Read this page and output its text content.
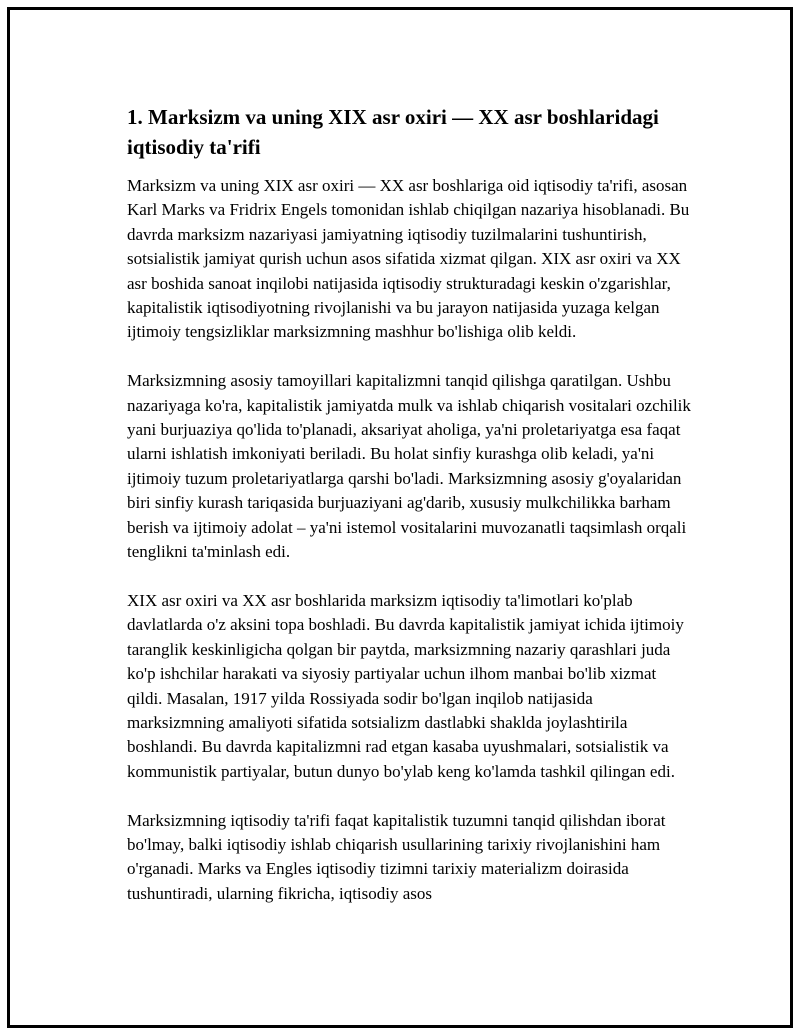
1. Marksizm va uning XIX asr oxiri — XX asr boshlaridagi iqtisodiy ta'rifi

Marksizm va uning XIX asr oxiri — XX asr boshlariga oid iqtisodiy ta'rifi, asosan Karl Marks va Fridrix Engels tomonidan ishlab chiqilgan nazariya hisoblanadi. Bu davrda marksizm nazariyasi jamiyatning iqtisodiy tuzilmalarini tushuntirish, sotsialistik jamiyat qurish uchun asos sifatida xizmat qilgan. XIX asr oxiri va XX asr boshida sanoat inqilobi natijasida iqtisodiy strukturadagi keskin o'zgarishlar, kapitalistik iqtisodiyotning rivojlanishi va bu jarayon natijasida yuzaga kelgan ijtimoiy tengsizliklar marksizmning mashhur bo'lishiga olib keldi.

Marksizmning asosiy tamoyillari kapitalizmni tanqid qilishga qaratilgan. Ushbu nazariyaga ko'ra, kapitalistik jamiyatda mulk va ishlab chiqarish vositalari ozchilik yani burjuaziya qo'lida to'planadi, aksariyat aholiga, ya'ni proletariyatga esa faqat ularni ishlatish imkoniyati beriladi. Bu holat sinfiy kurashga olib keladi, ya'ni ijtimoiy tuzum proletariyatlarga qarshi bo'ladi. Marksizmning asosiy g'oyalaridan biri sinfiy kurash tariqasida burjuaziyani ag'darib, xususiy mulkchilikka barham berish va ijtimoiy adolat – ya'ni istemol vositalarini muvozanatli taqsimlash orqali tenglikni ta'minlash edi.

XIX asr oxiri va XX asr boshlarida marksizm iqtisodiy ta'limotlari ko'plab davlatlarda o'z aksini topa boshladi. Bu davrda kapitalistik jamiyat ichida ijtimoiy taranglik keskinligicha qolgan bir paytda, marksizmning nazariy qarashlari juda ko'p ishchilar harakati va siyosiy partiyalar uchun ilhom manbai bo'lib xizmat qildi. Masalan, 1917 yilda Rossiyada sodir bo'lgan inqilob natijasida marksizmning amaliyoti sifatida sotsializm dastlabki shaklda joylashtirila boshlandi. Bu davrda kapitalizmni rad etgan kasaba uyushmalari, sotsialistik va kommunistik partiyalar, butun dunyo bo'ylab keng ko'lamda tashkil qilingan edi.

Marksizmning iqtisodiy ta'rifi faqat kapitalistik tuzumni tanqid qilishdan iborat bo'lmay, balki iqtisodiy ishlab chiqarish usullarining tarixiy rivojlanishini ham o'rganadi. Marks va Engles iqtisodiy tizimni tarixiy materializm doirasida tushuntiradi, ularning fikricha, iqtisodiy asos
